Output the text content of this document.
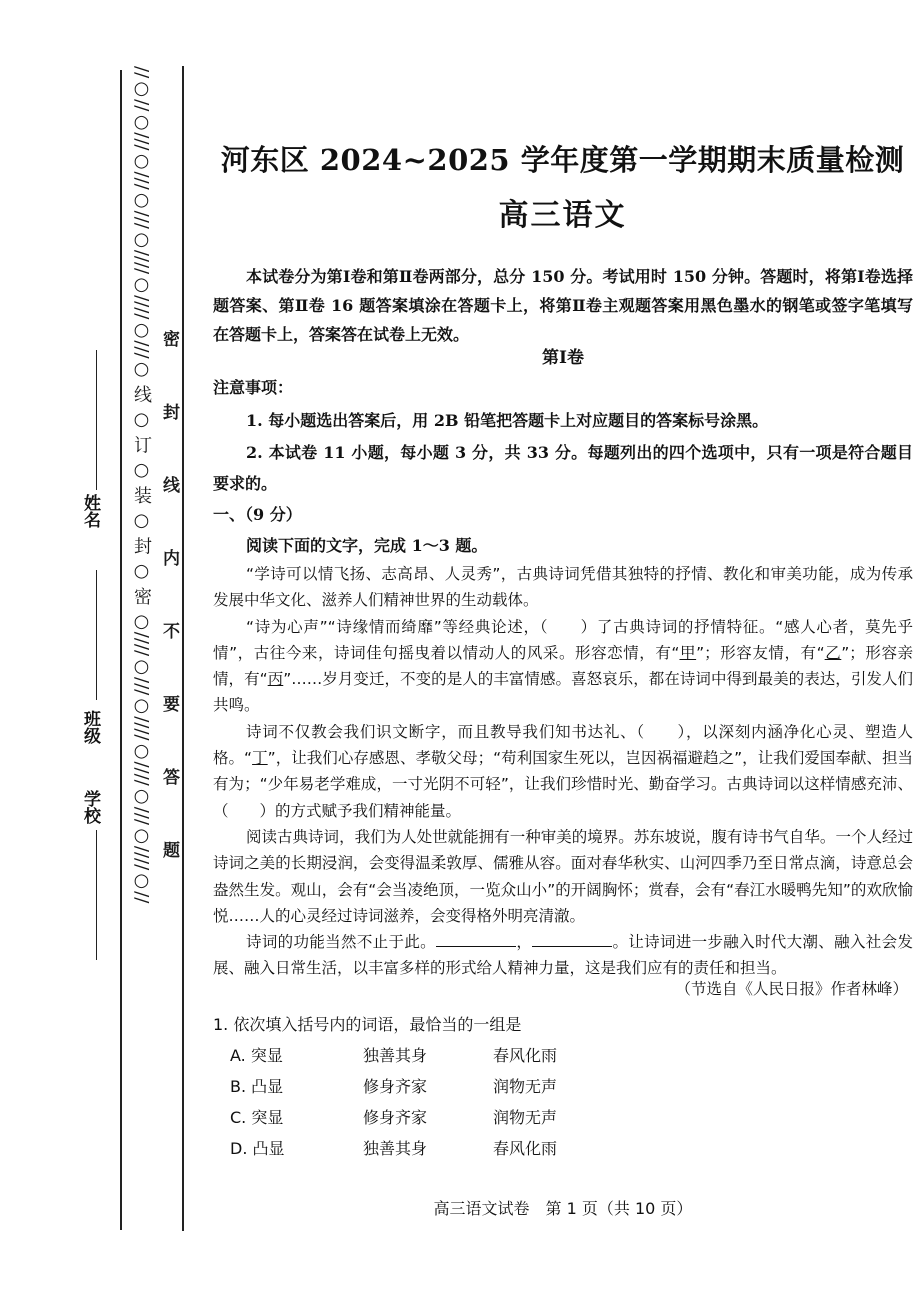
//○//○///○///○///○////○////○///○ 线 ○ 订 ○ 装 ○ 封 ○ 密 ○////○///○////○////○///○////○// 密封线内不要答题
姓名
班级
学校
河东区 2024~2025 学年度第一学期期末质量检测
高三语文
本试卷分为第Ⅰ卷和第Ⅱ卷两部分，总分 150 分。考试用时 150 分钟。答题时，将第Ⅰ卷选择题答案、第Ⅱ卷 16 题答案填涂在答题卡上，将第Ⅱ卷主观题答案用黑色墨水的钢笔或签字笔填写在答题卡上，答案答在试卷上无效。
第Ⅰ卷
注意事项：
1. 每小题选出答案后，用 2B 铅笔把答题卡上对应题目的答案标号涂黑。
2. 本试卷 11 小题，每小题 3 分，共 33 分。每题列出的四个选项中，只有一项是符合题目要求的。
一、（9 分）
阅读下面的文字，完成 1～3 题。

“学诗可以情飞扬、志高昂、人灵秀”，古典诗词凭借其独特的抒情、教化和审美功能，成为传承发展中华文化、滋养人们精神世界的生动载体。

“诗为心声”“诗缘情而绮靡”等经典论述，（　　）了古典诗词的抒情特征。“感人心者，莫先乎情”，古往今来，诗词佳句摇曳着以情动人的风采。形容恋情，有“甲”；形容友情，有“乙”；形容亲情，有“丙”……岁月变迁，不变的是人的丰富情感。喜怒哀乐，都在诗词中得到最美的表达，引发人们共鸣。

诗词不仅教会我们识文断字，而且教导我们知书达礼、（　　），以深刻内涵净化心灵、塑造人格。“丁”，让我们心存感恩、孝敬父母；“苟利国家生死以，岂因祸福避趋之”，让我们爱国奉献、担当有为；“少年易老学难成，一寸光阴不可轻”，让我们珍惜时光、勤奋学习。古典诗词以这样情感充沛、（　　）的方式赋予我们精神能量。

阅读古典诗词，我们为人处世就能拥有一种审美的境界。苏东坡说，腹有诗书气自华。一个人经过诗词之美的长期浸润，会变得温柔敦厚、儒雅从容。面对春华秋实、山河四季乃至日常点滴，诗意总会盎然生发。观山，会有“会当凌绝顶，一览众山小”的开阔胸怀；赏春，会有“春江水暖鸭先知”的欢欣愉悦……人的心灵经过诗词滋养，会变得格外明亮清澈。

诗词的功能当然不止于此。	，	。让诗词进一步融入时代大潮、融入社会发展、融入日常生活，以丰富多样的形式给人精神力量，这是我们应有的责任和担当。

（节选自《人民日报》作者林峰）
1. 依次填入括号内的词语，最恰当的一组是
A. 突显	独善其身	春风化雨
B. 凸显	修身齐家	润物无声
C. 突显	修身齐家	润物无声
D. 凸显	独善其身	春风化雨
高三语文试卷　第 1 页（共 10 页）
